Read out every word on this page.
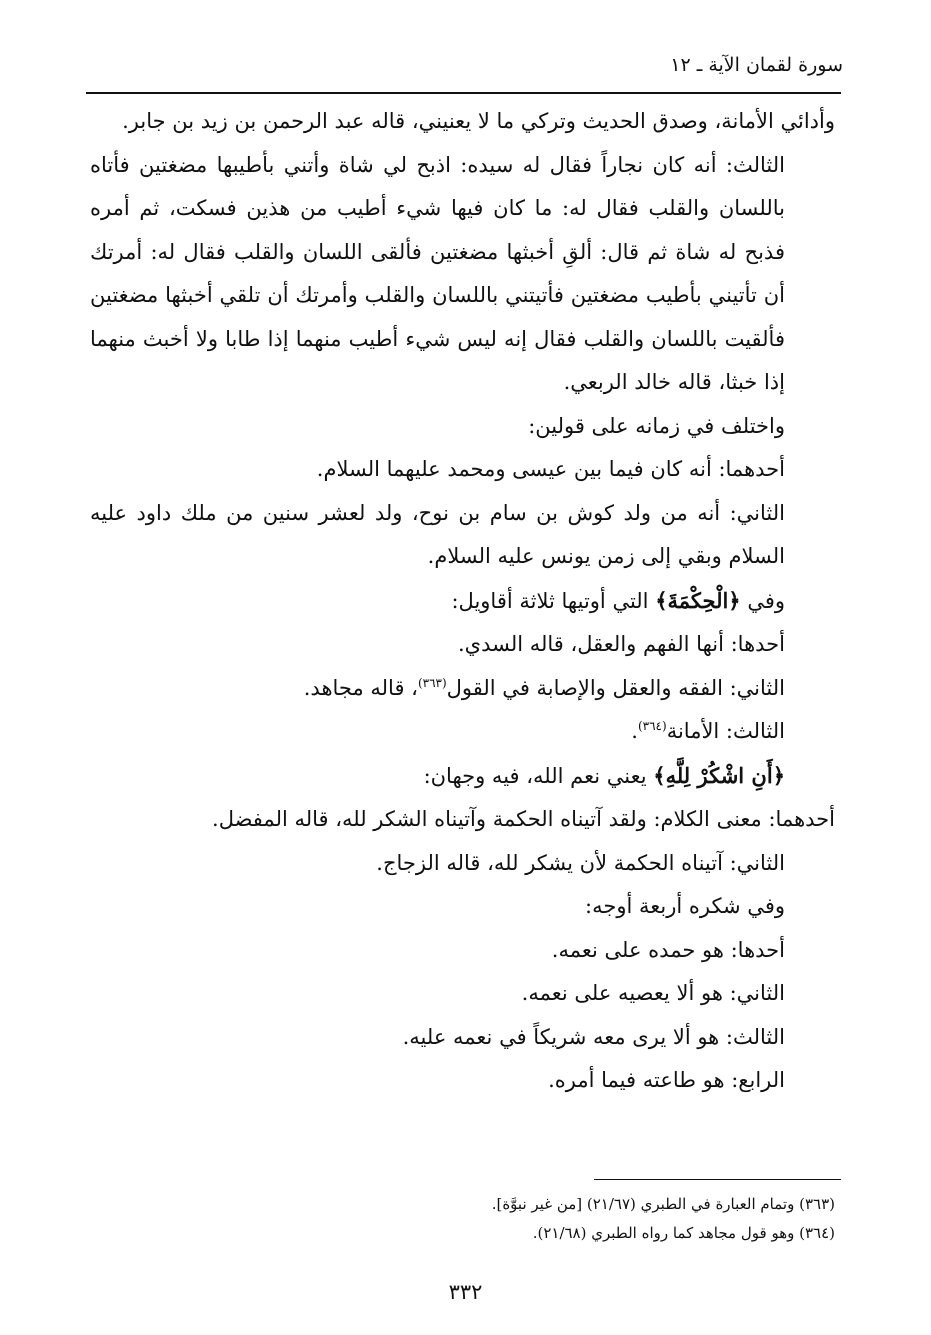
سورة لقمان الآية ـ ١٢

وأدائي الأمانة، وصدق الحديث وتركي ما لا يعنيني، قاله عبد الرحمن بن زيد بن جابر.

الثالث: أنه كان نجاراً فقال له سيده: اذبح لي شاة وأتني بأطيبها مضغتين فأتاه باللسان والقلب فقال له: ما كان فيها شيء أطيب من هذين فسكت، ثم أمره فذبح له شاة ثم قال: ألقِ أخبثها مضغتين فألقى اللسان والقلب فقال له: أمرتك أن تأتيني بأطيب مضغتين فأتيتني باللسان والقلب وأمرتك أن تلقي أخبثها مضغتين فألقيت باللسان والقلب فقال إنه ليس شيء أطيب منهما إذا طابا ولا أخبث منهما إذا خبثا، قاله خالد الربعي.

واختلف في زمانه على قولين:

أحدهما: أنه كان فيما بين عيسى ومحمد عليهما السلام.

الثاني: أنه من ولد كوش بن سام بن نوح، ولد لعشر سنين من ملك داود عليه السلام وبقي إلى زمن يونس عليه السلام.

وفي ﴿الْحِكْمَةَ﴾ التي أوتيها ثلاثة أقاويل:

أحدها: أنها الفهم والعقل، قاله السدي.

الثاني: الفقه والعقل والإصابة في القول$^{(٣٦٣)}$، قاله مجاهد.

الثالث: الأمانة$^{(٣٦٤)}$.

﴿أَنِ اشْكُرْ لِلَّهِ﴾ يعني نعم الله، فيه وجهان:

أحدهما: معنى الكلام: ولقد آتيناه الحكمة وآتيناه الشكر لله، قاله المفضل.

الثاني: آتيناه الحكمة لأن يشكر لله، قاله الزجاج.

وفي شكره أربعة أوجه:

أحدها: هو حمده على نعمه.

الثاني: هو ألا يعصيه على نعمه.

الثالث: هو ألا يرى معه شريكاً في نعمه عليه.

الرابع: هو طاعته فيما أمره.

(٣٦٣) وتمام العبارة في الطبري (٢١/٦٧) [من غير نبوَّة].

(٣٦٤) وهو قول مجاهد كما رواه الطبري (٢١/٦٨).

٣٣٢
